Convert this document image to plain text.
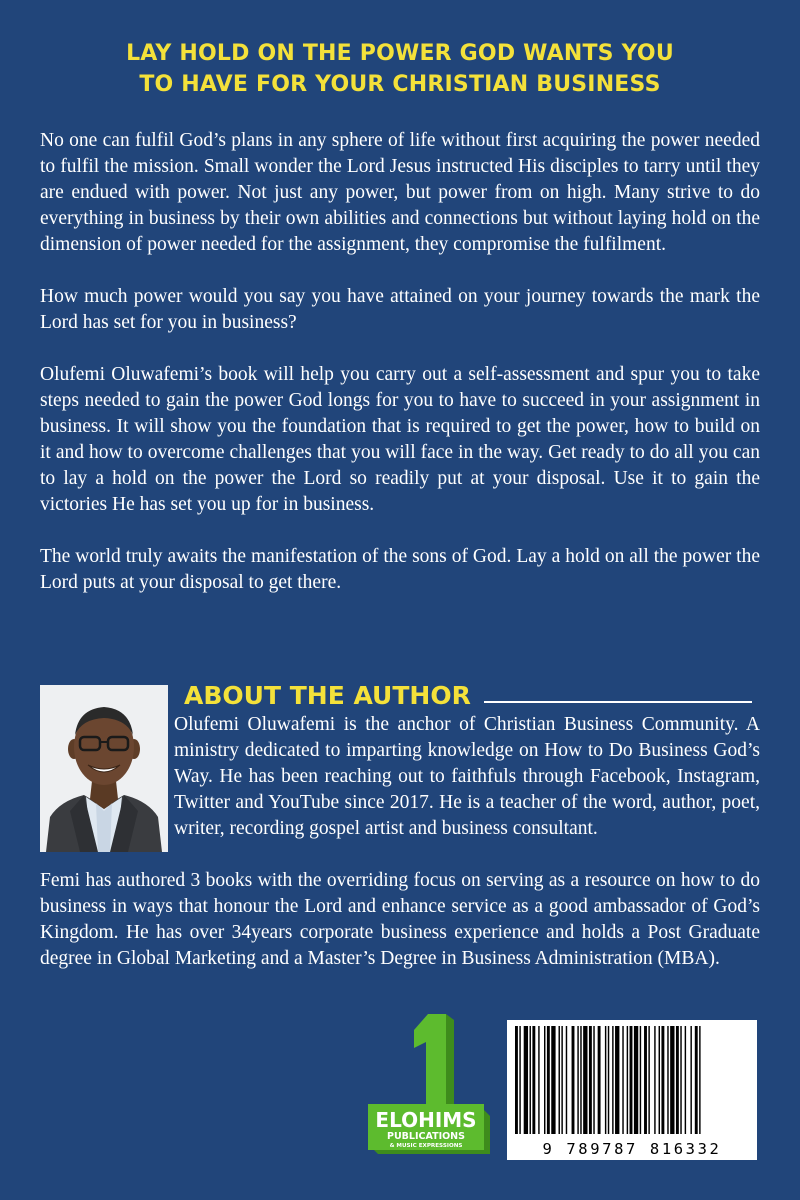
LAY HOLD ON THE POWER GOD WANTS YOU
TO HAVE FOR YOUR CHRISTIAN BUSINESS

No one can fulfil God’s plans in any sphere of life without first acquiring the power needed to fulfil the mission. Small wonder the Lord Jesus instructed His disciples to tarry until they are endued with power. Not just any power, but power from on high. Many strive to do everything in business by their own abilities and connections but without laying hold on the dimension of power needed for the assignment, they compromise the fulfilment.

How much power would you say you have attained on your journey towards the mark the Lord has set for you in business?

Olufemi Oluwafemi’s book will help you carry out a self-assessment and spur you to take steps needed to gain the power God longs for you to have to succeed in your assignment in business. It will show you the foundation that is required to get the power, how to build on it and how to overcome challenges that you will face in the way. Get ready to do all you can to lay a hold on the power the Lord so readily put at your disposal. Use it to gain the victories He has set you up for in business.

The world truly awaits the manifestation of the sons of God. Lay a hold on all the power the Lord puts at your disposal to get there.

ABOUT THE AUTHOR

Olufemi Oluwafemi is the anchor of Christian Business Community. A ministry dedicated to imparting knowledge on How to Do Business God’s Way. He has been reaching out to faithfuls through Facebook, Instagram, Twitter and YouTube since 2017. He is a teacher of the word, author, poet, writer, recording gospel artist and business consultant.

Femi has authored 3 books with the overriding focus on serving as a resource on how to do business in ways that honour the Lord and enhance service as a good ambassador of God’s Kingdom. He has over 34years corporate business experience and holds a Post Graduate degree in Global Marketing and a Master’s Degree in Business Administration (MBA).

ELOHIMS
PUBLICATIONS
& MUSIC EXPRESSIONS	9 789787 816332
